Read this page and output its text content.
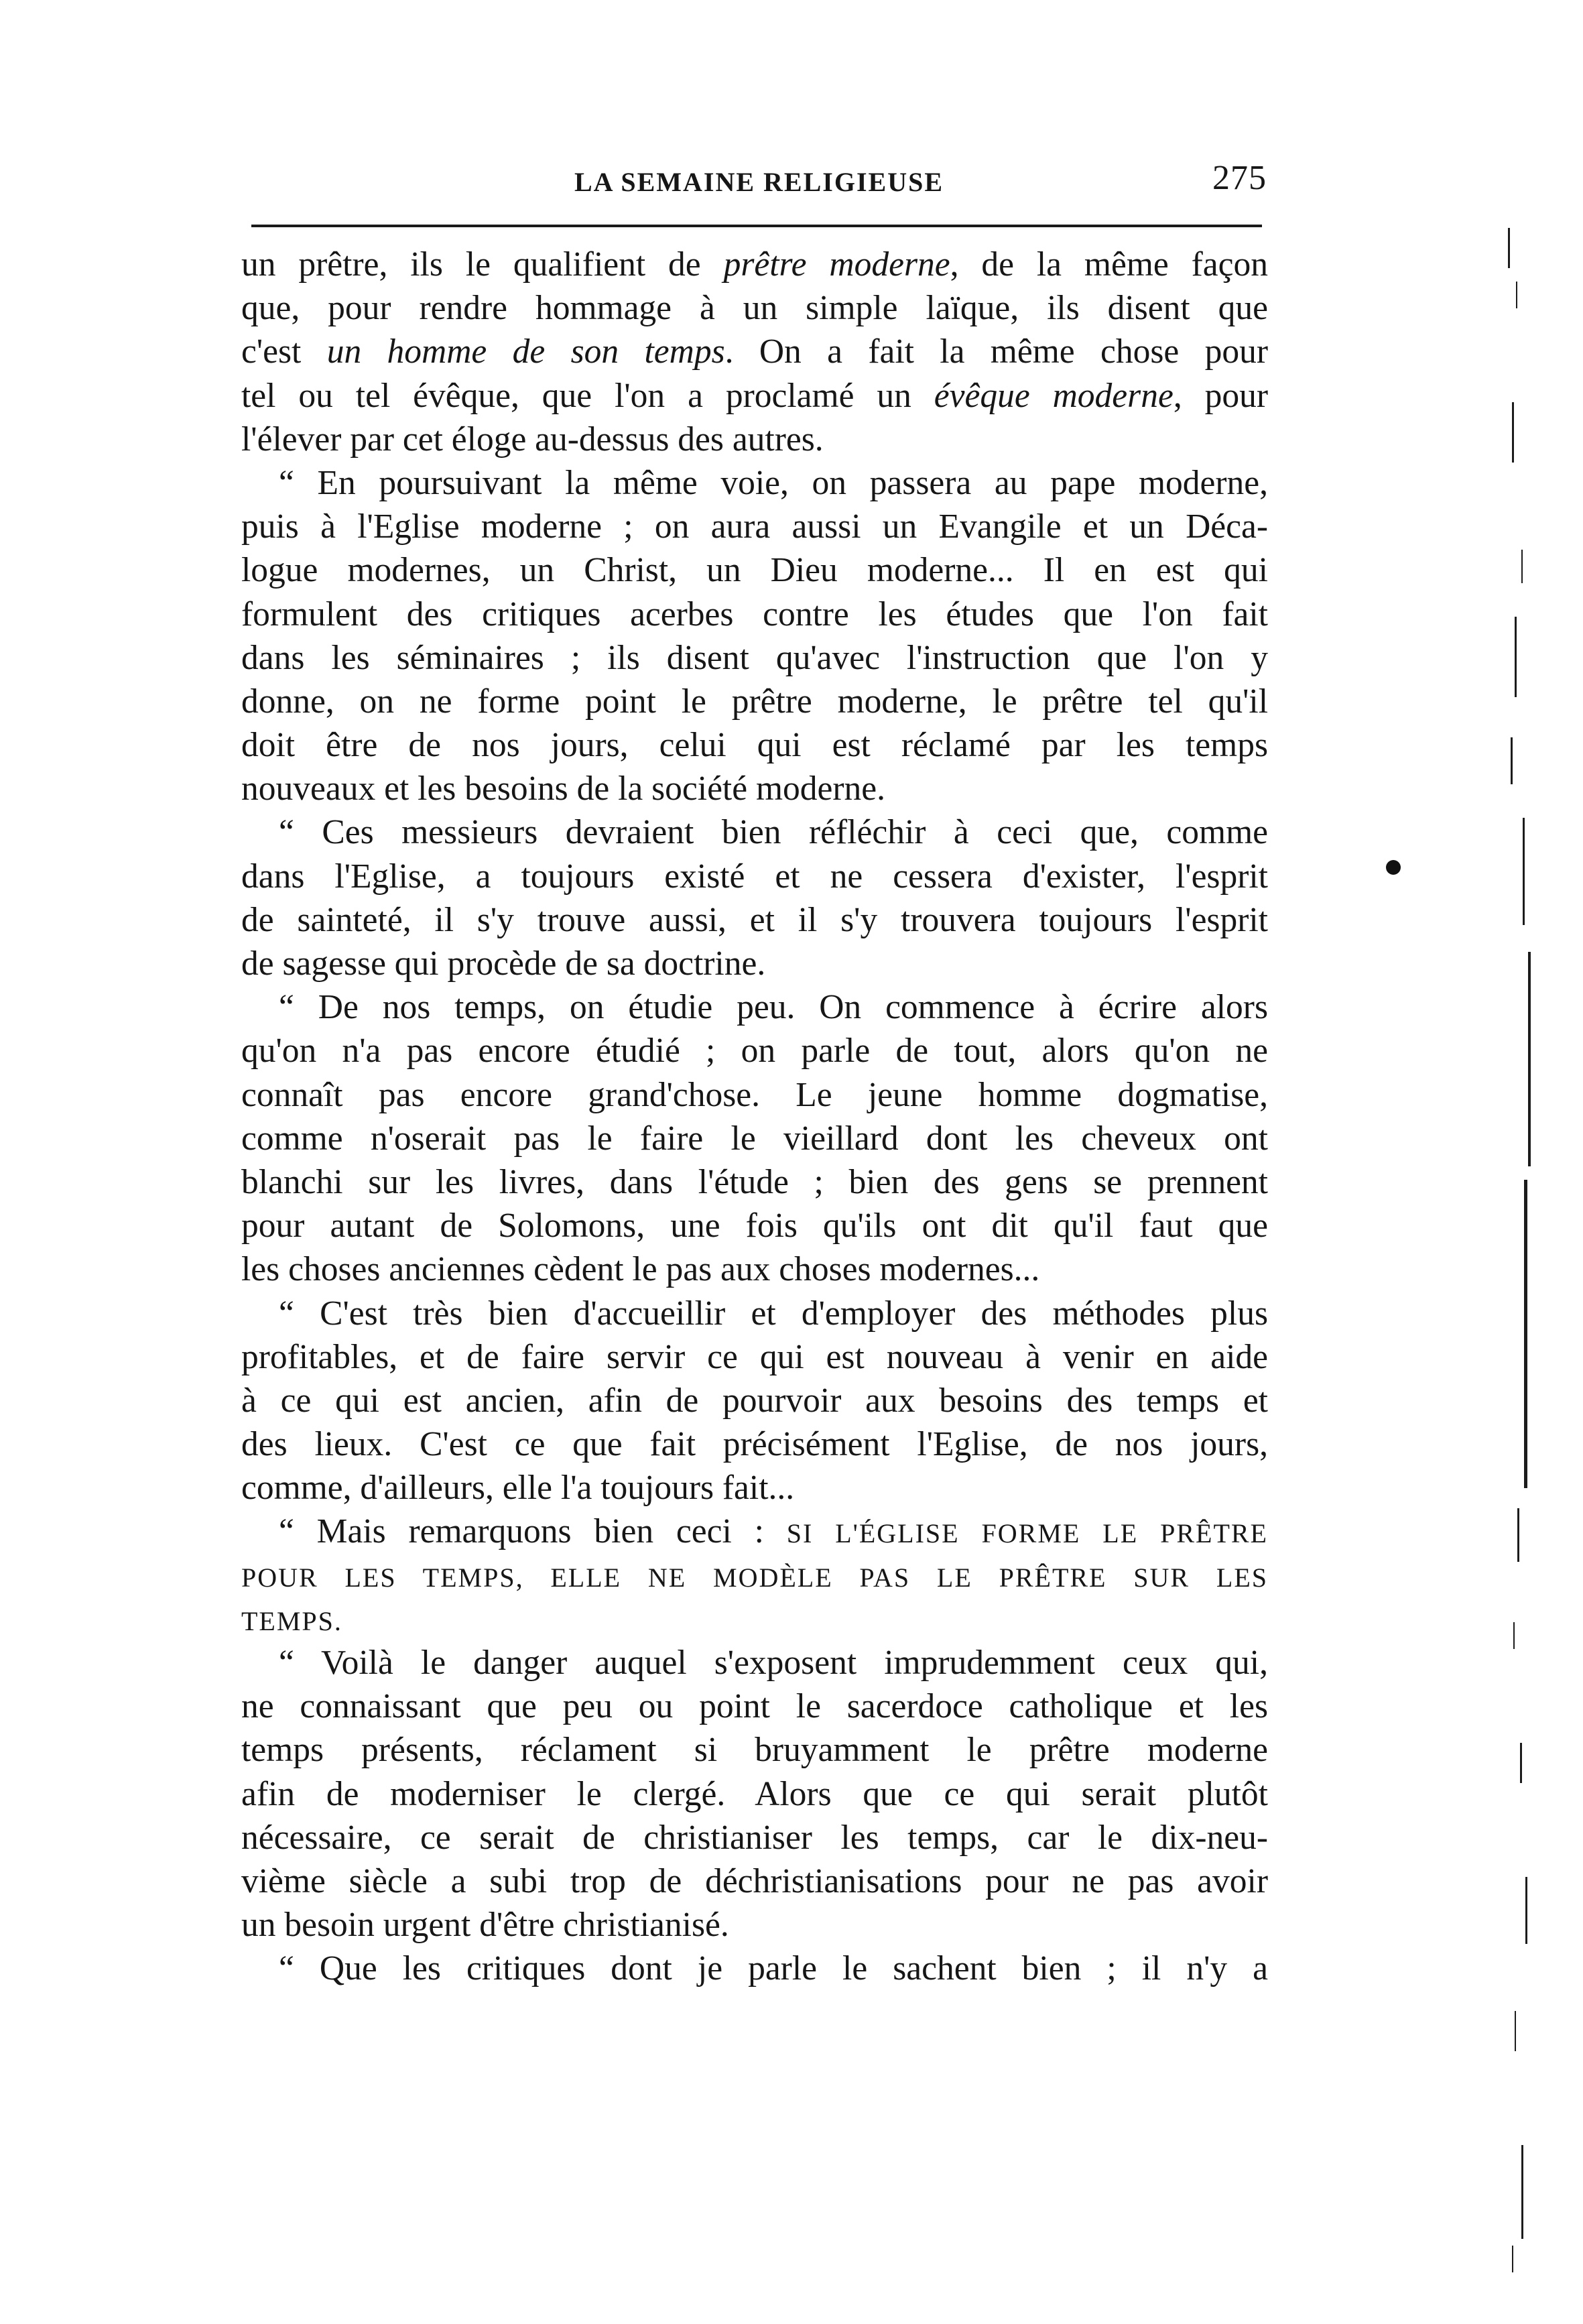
LA SEMAINE RELIGIEUSE	275
un prêtre, ils le qualifient de prêtre moderne, de la même façon
que, pour rendre hommage à un simple laïque, ils disent que
c'est un homme de son temps. On a fait la même chose pour
tel ou tel évêque, que l'on a proclamé un évêque moderne, pour
l'élever par cet éloge au-dessus des autres.
“ En poursuivant la même voie, on passera au pape moderne,
puis à l'Eglise moderne ; on aura aussi un Evangile et un Déca-
logue modernes, un Christ, un Dieu moderne... Il en est qui
formulent des critiques acerbes contre les études que l'on fait
dans les séminaires ; ils disent qu'avec l'instruction que l'on y
donne, on ne forme point le prêtre moderne, le prêtre tel qu'il
doit être de nos jours, celui qui est réclamé par les temps
nouveaux et les besoins de la société moderne.
“ Ces messieurs devraient bien réfléchir à ceci que, comme
dans l'Eglise, a toujours existé et ne cessera d'exister, l'esprit
de sainteté, il s'y trouve aussi, et il s'y trouvera toujours l'esprit
de sagesse qui procède de sa doctrine.
“ De nos temps, on étudie peu. On commence à écrire alors
qu'on n'a pas encore étudié ; on parle de tout, alors qu'on ne
connaît pas encore grand'chose. Le jeune homme dogmatise,
comme n'oserait pas le faire le vieillard dont les cheveux ont
blanchi sur les livres, dans l'étude ; bien des gens se prennent
pour autant de Solomons, une fois qu'ils ont dit qu'il faut que
les choses anciennes cèdent le pas aux choses modernes...
“ C'est très bien d'accueillir et d'employer des méthodes plus
profitables, et de faire servir ce qui est nouveau à venir en aide
à ce qui est ancien, afin de pourvoir aux besoins des temps et
des lieux. C'est ce que fait précisément l'Eglise, de nos jours,
comme, d'ailleurs, elle l'a toujours fait...
“ Mais remarquons bien ceci : SI L'ÉGLISE FORME LE PRÊTRE
POUR LES TEMPS, ELLE NE MODÈLE PAS LE PRÊTRE SUR LES
TEMPS.
“ Voilà le danger auquel s'exposent imprudemment ceux qui,
ne connaissant que peu ou point le sacerdoce catholique et les
temps présents, réclament si bruyamment le prêtre moderne
afin de moderniser le clergé. Alors que ce qui serait plutôt
nécessaire, ce serait de christianiser les temps, car le dix-neu-
vième siècle a subi trop de déchristianisations pour ne pas avoir
un besoin urgent d'être christianisé.
“ Que les critiques dont je parle le sachent bien ; il n'y a
